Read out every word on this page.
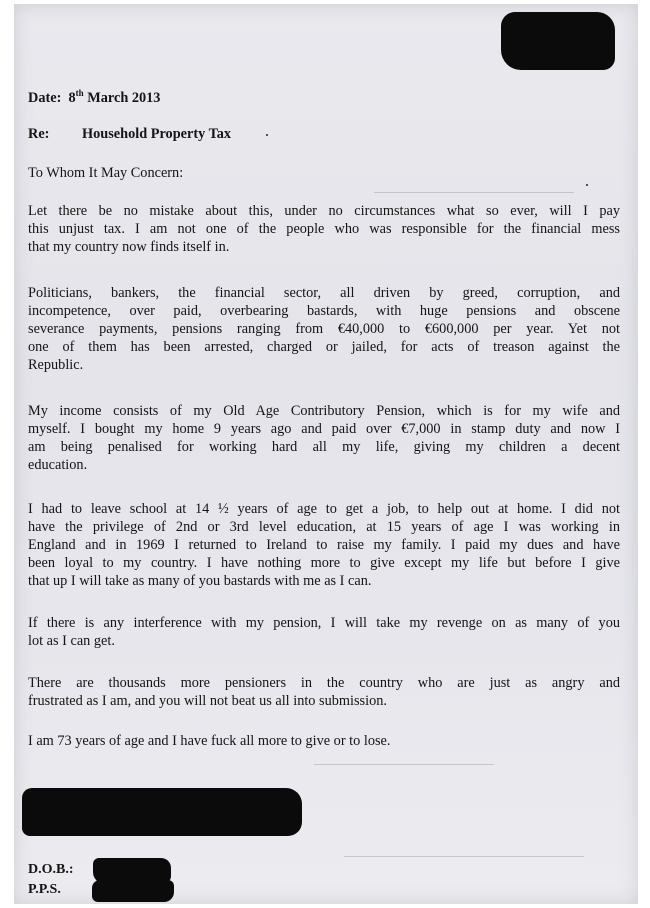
Date: 8th March 2013
Re: Household Property Tax
To Whom It May Concern:
Let there be no mistake about this, under no circumstances what so ever, will I pay
this unjust tax. I am not one of the people who was responsible for the financial mess
that my country now finds itself in.
Politicians, bankers, the financial sector, all driven by greed, corruption, and
incompetence, over paid, overbearing bastards, with huge pensions and obscene
severance payments, pensions ranging from €40,000 to €600,000 per year. Yet not
one of them has been arrested, charged or jailed, for acts of treason against the
Republic.
My income consists of my Old Age Contributory Pension, which is for my wife and
myself. I bought my home 9 years ago and paid over €7,000 in stamp duty and now I
am being penalised for working hard all my life, giving my children a decent
education.
I had to leave school at 14 ½ years of age to get a job, to help out at home. I did not
have the privilege of 2nd or 3rd level education, at 15 years of age I was working in
England and in 1969 I returned to Ireland to raise my family. I paid my dues and have
been loyal to my country. I have nothing more to give except my life but before I give
that up I will take as many of you bastards with me as I can.
If there is any interference with my pension, I will take my revenge on as many of you
lot as I can get.
There are thousands more pensioners in the country who are just as angry and
frustrated as I am, and you will not beat us all into submission.
I am 73 years of age and I have fuck all more to give or to lose.
D.O.B.:
P.P.S.
